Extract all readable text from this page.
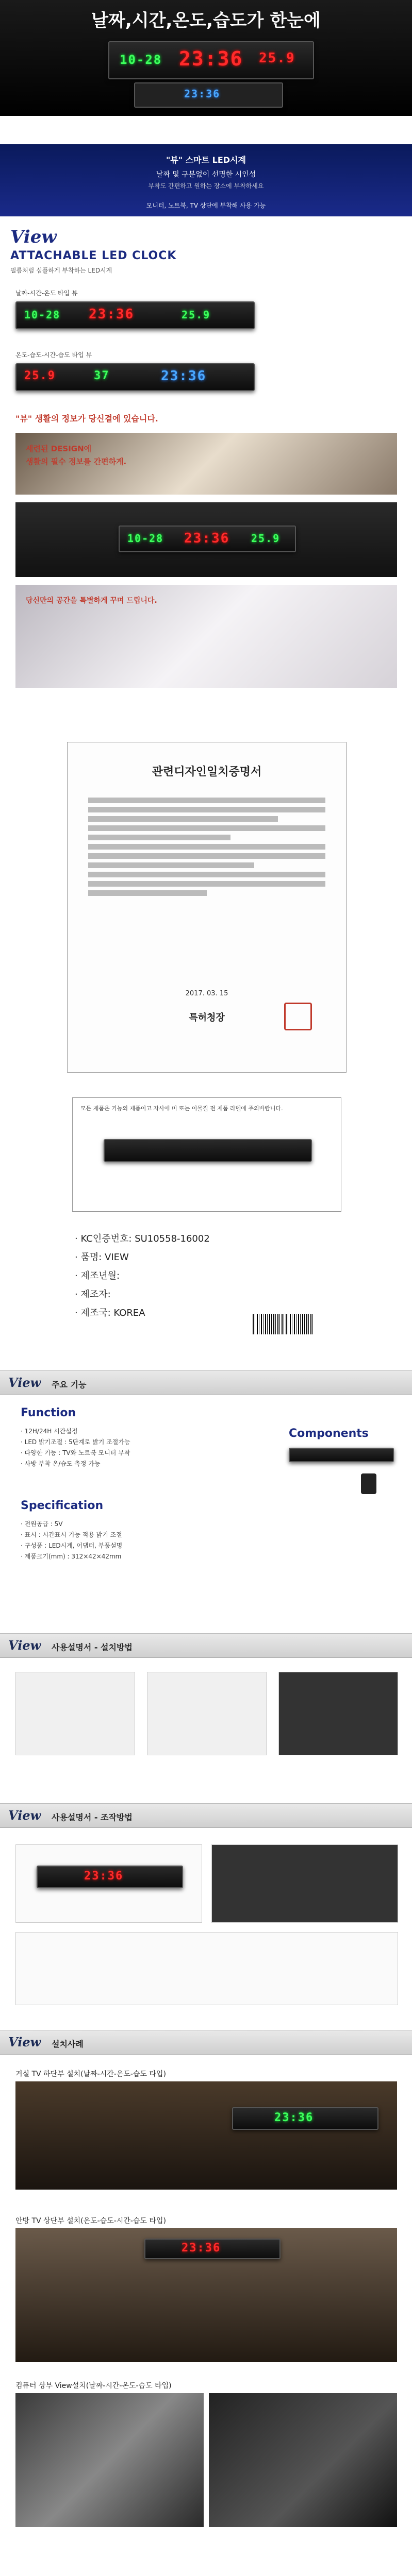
날짜,시간,온도,습도가 한눈에
10-28 23:36 25.9
23:36
"뷰" 스마트 LED시계
날짜 및 구분없이 선명한 시인성
부착도 간편하고 원하는 장소에 부착하세요
모니터, 노트북, TV 상단에 부착해 사용 가능
View
ATTACHABLE LED CLOCK
필름처럼 심플하게 부착하는 LED시계
날짜-시간-온도 타입 뷰
10-28 23:36	25.9
온도-습도-시간-습도 타입 뷰
25.9	37	23:36
"뷰" 생활의 정보가 당신곁에 있습니다.
세련된 DESIGN에
생활의 필수 정보를 간편하게.
10-28 23:36 25.9
당신만의 공간을 특별하게 꾸며 드립니다.
관련디자인일치증명서
2017. 03. 15
특허청장
모든 제품은 기능의 제품이고 자사에 미 또는 이물질 전 제품 라벨에 주의바랍니다.
· KC인증번호: SU10558-16002
· 품명: VIEW
· 제조년월:
· 제조자:
· 제조국: KOREA
View 주요 기능
Function
· 12H/24H 시간설정
· LED 밝기조절 : 5단계로 밝기 조절가능
· 다양한 기능 : TV와 노트북 모니터 부착
· 사방 부착 온/습도 측정 가능
Components
Specification
· 전원공급 : 5V
· 표시 : 시간표시 기능 적용 밝기 조절
· 구성품 : LED시계, 어댑터, 부품설명
· 제품크기(mm) : 312×42×42mm
View 사용설명서 - 설치방법
View 사용설명서 - 조작방법
23:36
View 설치사례
거실 TV 하단부 설치(날짜-시간-온도-습도 타입)
23:36
안방 TV 상단부 설치(온도-습도-시간-습도 타입)
23:36
컴퓨터 상부 View설치(날짜-시간-온도-습도 타입)
